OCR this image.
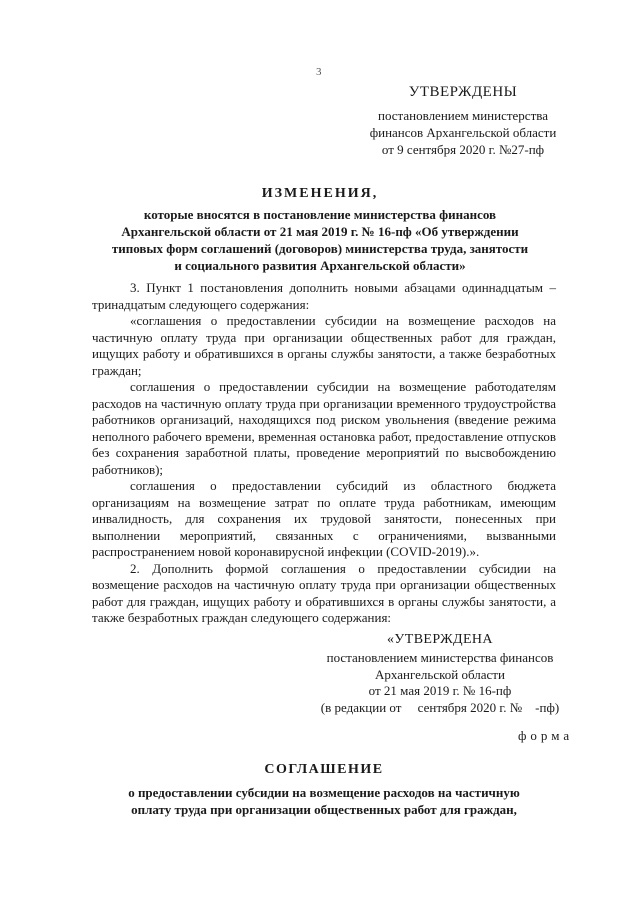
3

УТВЕРЖДЕНЫ

постановлением министерства

финансов Архангельской области

от 9 сентября 2020 г. №27-пф

ИЗМЕНЕНИЯ,

которые вносятся в постановление министерства финансов

Архангельской области от 21 мая 2019 г. № 16-пф «Об утверждении

типовых форм соглашений (договоров) министерства труда, занятости

и социального развития Архангельской области»

3. Пункт 1 постановления дополнить новыми абзацами одиннадцатым – тринадцатым следующего содержания:

«соглашения о предоставлении субсидии на возмещение расходов на частичную оплату труда при организации общественных работ для граждан, ищущих работу и обратившихся в органы службы занятости, а также безработных граждан;

соглашения о предоставлении субсидии на возмещение работодателям расходов на частичную оплату труда при организации временного трудоустройства работников организаций, находящихся под риском увольнения (введение режима неполного рабочего времени, временная остановка работ, предоставление отпусков без сохранения заработной платы, проведение мероприятий по высвобождению работников);

соглашения о предоставлении субсидий из областного бюджета организациям на возмещение затрат по оплате труда работникам, имеющим инвалидность, для сохранения их трудовой занятости, понесенных при выполнении мероприятий, связанных с ограничениями, вызванными распространением новой коронавирусной инфекции (COVID-2019).».

2. Дополнить формой соглашения о предоставлении субсидии на возмещение расходов на частичную оплату труда при организации общественных работ для граждан, ищущих работу и обратившихся в органы службы занятости, а также безработных граждан следующего содержания:

«УТВЕРЖДЕНА

постановлением министерства финансов

Архангельской области

от 21 мая 2019 г. № 16-пф

(в редакции от     сентября 2020 г. №    -пф)

форма

СОГЛАШЕНИЕ

о предоставлении субсидии на возмещение расходов на частичную

оплату труда при организации общественных работ для граждан,
